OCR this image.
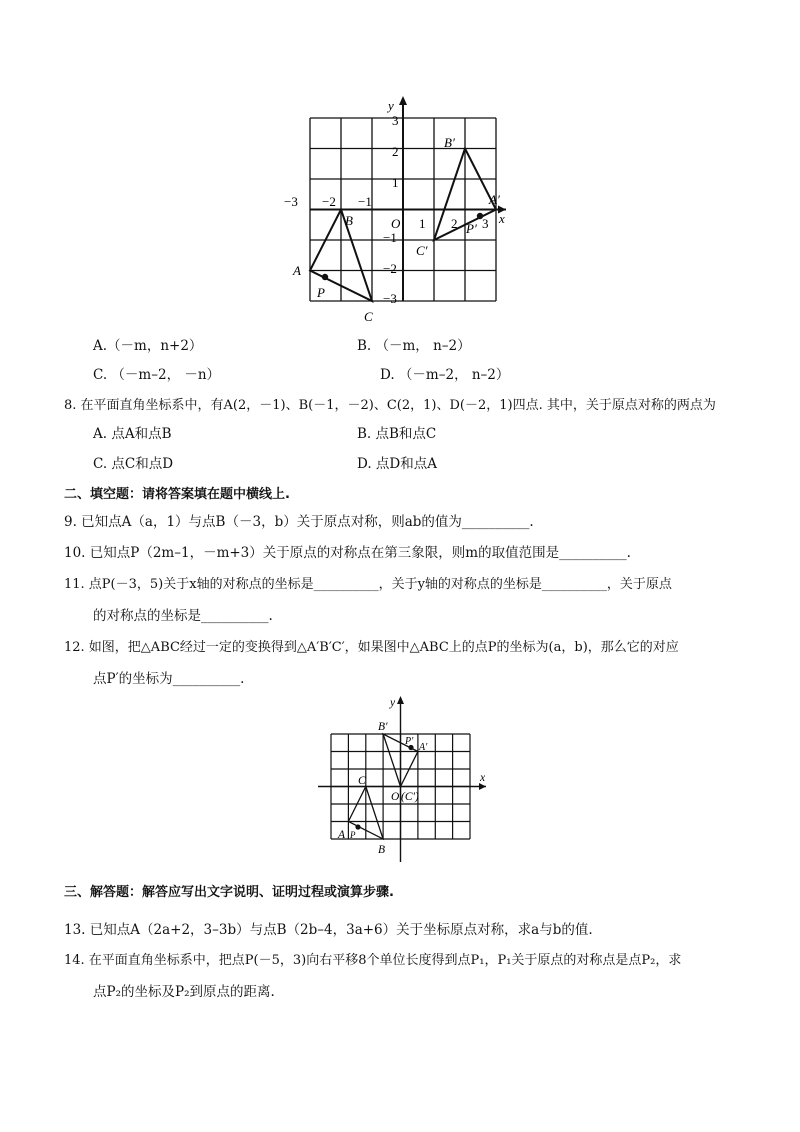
y
x
O
−3 −2 −1
1 2 3
3
2
1
−1
−2
−3
A
B
C
P
B′
A′
C′
P′
A.（－m，n+2）	B. （－m， n–2）
C. （－m–2， －n）	D. （－m–2， n–2）
8. 在平面直角坐标系中，有A(2，－1)、B(－1，－2)、C(2，1)、D(－2，1)四点. 其中，关于原点对称的两点为
A. 点A和点B	B. 点B和点C
C. 点C和点D	D. 点D和点A
二、填空题：请将答案填在题中横线上.
9. 已知点A（a，1）与点B（－3，b）关于原点对称，则ab的值为__________.
10. 已知点P（2m–1，－m+3）关于原点的对称点在第三象限，则m的取值范围是__________.
11. 点P(－3，5)关于x轴的对称点的坐标是__________，关于y轴的对称点的坐标是__________，关于原点
的对称点的坐标是__________.
12. 如图，把△ABC经过一定的变换得到△A′B′C′，如果图中△ABC上的点P的坐标为(a，b)，那么它的对应
点P′的坐标为__________.
y
x
O (C′)
C
A P
B
B′
P′
A′
三、解答题：解答应写出文字说明、证明过程或演算步骤.
13. 已知点A（2a+2，3–3b）与点B（2b–4，3a+6）关于坐标原点对称，求a与b的值.
14. 在平面直角坐标系中，把点P(－5，3)向右平移8个单位长度得到点P₁，P₁关于原点的对称点是点P₂，求
点P₂的坐标及P₂到原点的距离.
